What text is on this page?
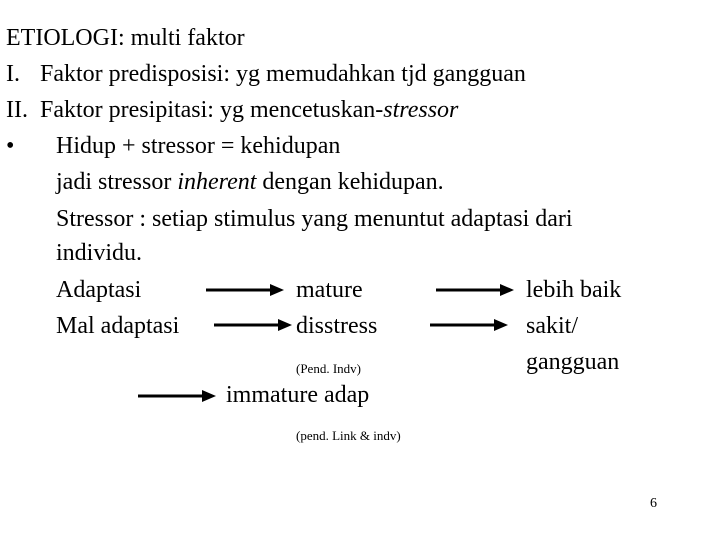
ETIOLOGI: multi faktor
I. Faktor predisposisi: yg memudahkan tjd gangguan
II. Faktor presipitasi: yg mencetuskan-stressor
• Hidup + stressor = kehidupan
jadi stressor inherent dengan kehidupan.
Stressor : setiap stimulus yang menuntut adaptasi dari
individu.
Adaptasi	mature	lebih baik
Mal adaptasi	disstress	sakit/
gangguan
(Pend. Indv)
immature adap
(pend. Link & indv)
6
